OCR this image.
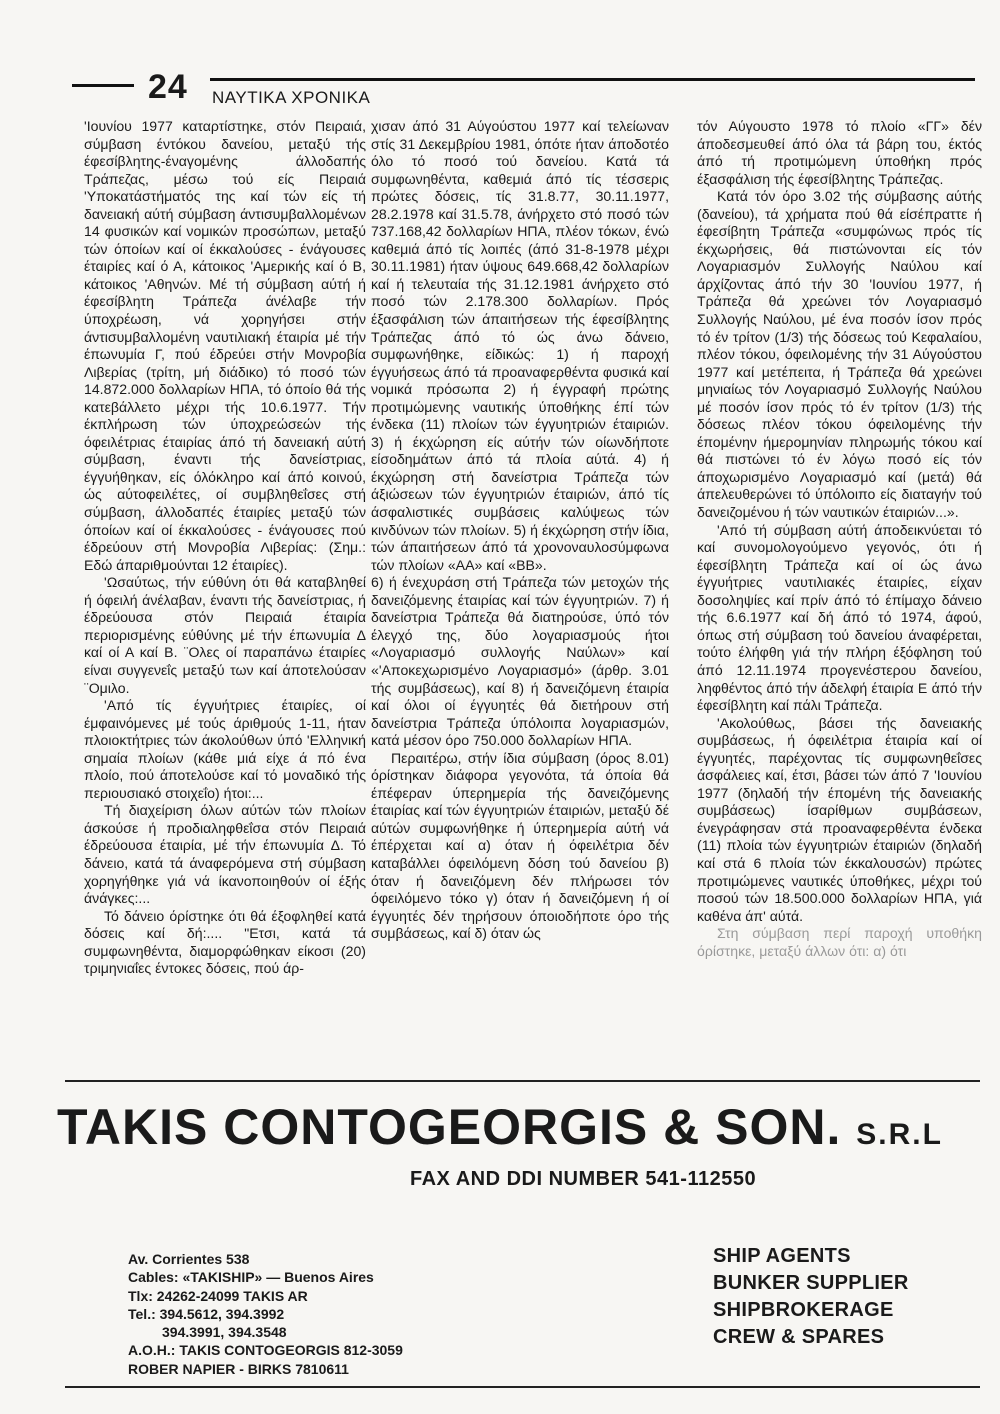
24 ΝΑΥΤΙΚΑ ΧΡΟΝΙΚΑ

'Ιουνίου 1977 καταρτίστηκε, στόν Πειραιά, σύμβαση έντόκου δανείου, μεταξύ τής έφεσίβλητης-έναγομένης άλλοδαπής Τράπεζας, μέσω τού είς Πειραιά 'Υποκατάστήματός της καί τών είς τή δανειακή αύτή σύμβαση άντισυμβαλλομένων 14 φυσικών καί νομικών προσώπων, μεταξύ τών όποίων καί οί έκκαλούσες - ένάγουσες έταιρίες καί ό Α, κάτοικος 'Αμερικής καί ό Β, κάτοικος 'Αθηνών. Μέ τή σύμβαση αύτή ή έφεσίβλητη Τράπεζα άνέλαβε τήν ύποχρέωση, νά χορηγήσει στήν άντισυμβαλλομένη ναυτιλιακή έταιρία μέ τήν έπωνυμία Γ, πού έδρεύει στήν Μονροβία Λιβερίας (τρίτη, μή διάδικο) τό ποσό τών 14.872.000 δολλαρίων ΗΠΑ, τό όποίο θά τής κατεβάλλετο μέχρι τής 10.6.1977. Τήν έκπλήρωση τών ύποχρεώσεών τής όφειλέτριας έταιρίας άπό τή δανειακή αύτή σύμβαση, έναντι τής δανείστριας, έγγυήθηκαν, είς όλόκληρο καί άπό κοινού, ώς αύτοφειλέτες, οί συμβληθεΐσες στή σύμβαση, άλλοδαπές έταιρίες μεταξύ τών όποίων καί οί έκκαλούσες - ένάγουσες πού έδρεύουν στή Μονροβία Λιβερίας: (Σημ.: Εδώ άπαριθμούνται 12 έταιρίες).

'Ωσαύτως, τήν εύθύνη ότι θά καταβληθεί ή όφειλή άνέλαβαν, έναντι τής δανείστριας, ή έδρεύουσα στόν Πειραιά έταιρία περιορισμένης εύθύνης μέ τήν έπωνυμία Δ καί οί Α καί Β. ¨Ολες οί παραπάνω έταιρίες είναι συγγενεΐς μεταξύ των καί άποτελούσαν ¨Ομιλο.

'Από τίς έγγυήτριες έταιρίες, οί έμφαινόμενες μέ τούς άριθμούς 1-11, ήταν πλοιοκτήτριες τών άκολούθων ύπό 'Ελληνική σημαία πλοίων (κάθε μιά είχε ά πό ένα πλοίο, πού άποτελούσε καί τό μοναδικό τής περιουσιακό στοιχεΐο) ήτοι:...

Τή διαχείριση όλων αύτών τών πλοίων άσκούσε ή προδιαληφθεΐσα στόν Πειραιά έδρεύουσα έταιρία, μέ τήν έπωνυμία Δ. Τό δάνειο, κατά τά άναφερόμενα στή σύμβαση χορηγήθηκε γιά νά ίκανοποιηθούν οί έξής άνάγκες:...

Τό δάνειο όρίστηκε ότι θά έξοφληθεί κατά δόσεις καί δή:.... "Ετσι, κατά τά συμφωνηθέντα, διαμορφώθηκαν είκοσι (20) τριμηνιαΐες έντοκες δόσεις, πού άρ-

χισαν άπό 31 Αύγούστου 1977 καί τελείωναν στίς 31 Δεκεμβρίου 1981, όπότε ήταν άποδοτέο όλο τό ποσό τού δανείου. Κατά τά συμφωνηθέντα, καθεμιά άπό τίς τέσσερις πρώτες δόσεις, τίς 31.8.77, 30.11.1977, 28.2.1978 καί 31.5.78, άνήρχετο στό ποσό τών 737.168,42 δολλαρίων ΗΠΑ, πλέον τόκων, ένώ καθεμιά άπό τίς λοιπές (άπό 31-8-1978 μέχρι 30.11.1981) ήταν ύψους 649.668,42 δολλαρίων καί ή τελευταία τής 31.12.1981 άνήρχετο στό ποσό τών 2.178.300 δολλαρίων. Πρός έξασφάλιση τών άπαιτήσεων τής έφεσίβλητης Τράπεζας άπό τό ώς άνω δάνειο, συμφωνήθηκε, είδικώς: 1) ή παροχή έγγυήσεως άπό τά προαναφερθέντα φυσικά καί νομικά πρόσωπα 2) ή έγγραφή πρώτης προτιμώμενης ναυτικής ύποθήκης έπί τών ένδεκα (11) πλοίων τών έγγυητριών έταιριών. 3) ή έκχώρηση είς αύτήν τών οίωνδήποτε είσοδημάτων άπό τά πλοία αύτά. 4) ή έκχώρηση στή δανείστρια Τράπεζα τών άξιώσεων τών έγγυητριών έταιριών, άπό τίς άσφαλιστικές συμβάσεις καλύψεως τών κινδύνων τών πλοίων. 5) ή έκχώρηση στήν ίδια, τών άπαιτήσεων άπό τά χρονοναυλοσύμφωνα τών πλοίων «ΑΑ» καί «ΒΒ».

6) ή ένεχυράση στή Τράπεζα τών μετοχών τής δανειζόμενης έταιρίας καί τών έγγυητριών. 7) ή δανείστρια Τράπεζα θά διατηρούσε, ύπό τόν έλεγχό της, δύο λογαριασμούς ήτοι «Λογαριασμό συλλογής Ναύλων» καί «'Αποκεχωρισμένο Λογαριασμό» (άρθρ. 3.01 τής συμβάσεως), καί 8) ή δανειζόμενη έταιρία καί όλοι οί έγγυητές θά διετήρουν στή δανείστρια Τράπεζα ύπόλοιπα λογαριασμών, κατά μέσον όρο 750.000 δολλαρίων ΗΠΑ.

Περαιτέρω, στήν ίδια σύμβαση (όρος 8.01) όρίστηκαν διάφορα γεγονότα, τά όποία θά έπέφεραν ύπερημερία τής δανειζόμενης έταιρίας καί τών έγγυητριών έταιριών, μεταξύ δέ αύτών συμφωνήθηκε ή ύπερημερία αύτή νά έπέρχεται καί α) όταν ή όφειλέτρια δέν καταβάλλει όφειλόμενη δόση τού δανείου β) όταν ή δανειζόμενη δέν πλήρωσει τόν όφειλόμενο τόκο γ) όταν ή δανειζόμενη ή οί έγγυητές δέν τηρήσουν όποιοδήποτε όρο τής συμβάσεως, καί δ) όταν ώς

τόν Αύγουστο 1978 τό πλοίο «ΓΓ» δέν άποδεσμευθεί άπό όλα τά βάρη του, έκτός άπό τή προτιμώμενη ύποθήκη πρός έξασφάλιση τής έφεσίβλητης Τράπεζας.

Κατά τόν όρο 3.02 τής σύμβασης αύτής (δανείου), τά χρήματα πού θά είσέπραττε ή έφεσίβητη Τράπεζα «συμφώνως πρός τίς έκχωρήσεις, θά πιστώνονται είς τόν Λογαριασμόν Συλλογής Ναύλου καί άρχίζοντας άπό τήν 30 'Ιουνίου 1977, ή Τράπεζα θά χρεώνει τόν Λογαριασμό Συλλογής Ναύλου, μέ ένα ποσόν ίσον πρός τό έν τρίτον (1/3) τής δόσεως τού Κεφαλαίου, πλέον τόκου, όφειλομένης τήν 31 Αύγούστου 1977 καί μετέπειτα, ή Τράπεζα θά χρεώνει μηνιαίως τόν Λογαριασμό Συλλογής Ναύλου μέ ποσόν ίσον πρός τό έν τρίτον (1/3) τής δόσεως πλέον τόκου όφειλομένης τήν έπομένην ήμερομηνίαν πληρωμής τόκου καί θά πιστώνει τό έν λόγω ποσό είς τόν άποχωρισμένο Λογαριασμό καί (μετά) θά άπελευθερώνει τό ύπόλοιπο είς διαταγήν τού δανειζομένου ή τών ναυτικών έταιριών...».

'Από τή σύμβαση αύτή άποδεικνύεται τό καί συνομολογούμενο γεγονός, ότι ή έφεσίβλητη Τράπεζα καί οί ώς άνω έγγυήτριες ναυτιλιακές έταιρίες, είχαν δοσοληψίες καί πρίν άπό τό έπίμαχο δάνειο τής 6.6.1977 καί δή άπό τό 1974, άφού, όπως στή σύμβαση τού δανείου άναφέρεται, τούτο έλήφθη γιά τήν πλήρη έξόφληση τού άπό 12.11.1974 προγενέστερου δανείου, ληφθέντος άπό τήν άδελφή έταιρία Ε άπό τήν έφεσίβλητη καί πάλι Τράπεζα.

'Ακολούθως, βάσει τής δανειακής συμβάσεως, ή όφειλέτρια έταιρία καί οί έγγυητές, παρέχοντας τίς συμφωνηθεΐσες άσφάλειες καί, έτσι, βάσει τών άπό 7 'Ιουνίου 1977 (δηλαδή τήν έπομένη τής δανειακής συμβάσεως) ίσαρίθμων συμβάσεων, ένεγράφησαν στά προαναφερθέντα ένδεκα (11) πλοία τών έγγυητριών έταιριών (δηλαδή καί στά 6 πλοία τών έκκαλουσών) πρώτες προτιμώμενες ναυτικές ύποθήκες, μέχρι τού ποσού τών 18.500.000 δολλαρίων ΗΠΑ, γιά καθένα άπ' αύτά.

Στη σύμβαση περί παροχή υποθήκη όρίστηκε, μεταξύ άλλων ότι: α) ότι

TAKIS CONTOGEORGIS & SON. S.R.L
FAX AND DDI NUMBER 541-112550
Av. Corrientes 538
Cables: «TAKISHIP» — Buenos Aires
Tlx: 24262-24099 TAKIS AR
Tel.: 394.5612, 394.3992
394.3991, 394.3548
A.O.H.: TAKIS CONTOGEORGIS 812-3059
ROBER NAPIER - BIRKS 7810611
SHIP AGENTS
BUNKER SUPPLIER
SHIPBROKERAGE
CREW & SPARES
